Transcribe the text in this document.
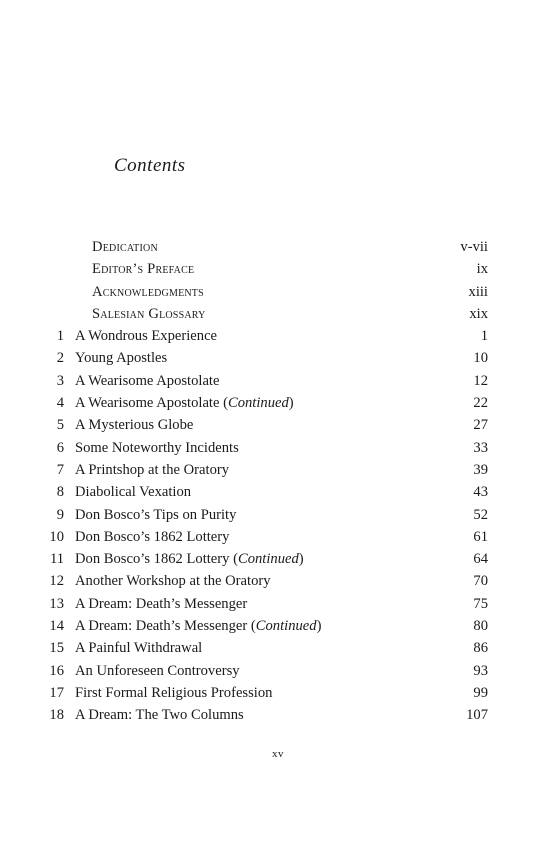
Contents
Dedication	v-vii
Editor’s Preface	ix
Acknowledgments	xiii
Salesian Glossary	xix
1 A Wondrous Experience	1
2 Young Apostles	10
3 A Wearisome Apostolate	12
4 A Wearisome Apostolate (Continued)	22
5 A Mysterious Globe	27
6 Some Noteworthy Incidents	33
7 A Printshop at the Oratory	39
8 Diabolical Vexation	43
9 Don Bosco’s Tips on Purity	52
10 Don Bosco’s 1862 Lottery	61
11 Don Bosco’s 1862 Lottery (Continued)	64
12 Another Workshop at the Oratory	70
13 A Dream: Death’s Messenger	75
14 A Dream: Death’s Messenger (Continued)	80
15 A Painful Withdrawal	86
16 An Unforeseen Controversy	93
17 First Formal Religious Profession	99
18 A Dream: The Two Columns	107
xv
